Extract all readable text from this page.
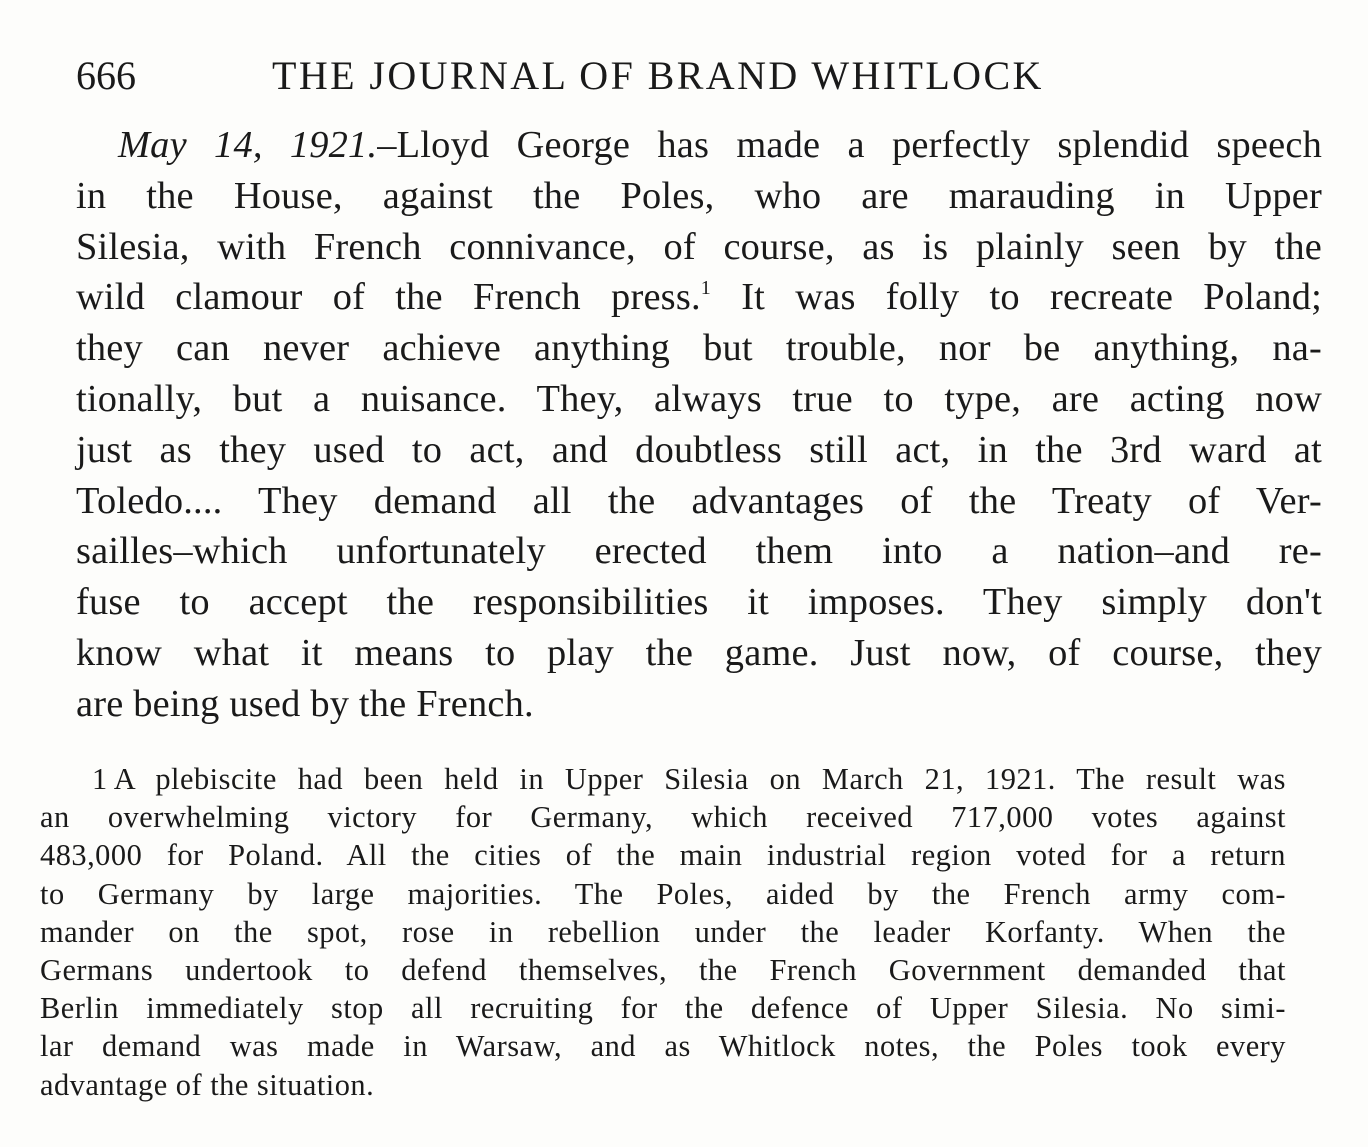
666	THE JOURNAL OF BRAND WHITLOCK
May 14, 1921.–Lloyd George has made a perfectly splendid speech
in the House, against the Poles, who are marauding in Upper
Silesia, with French connivance, of course, as is plainly seen by the
wild clamour of the French press.$^1$ It was folly to recreate Poland;
they can never achieve anything but trouble, nor be anything, na-
tionally, but a nuisance. They, always true to type, are acting now
just as they used to act, and doubtless still act, in the 3rd ward at
Toledo.... They demand all the advantages of the Treaty of Ver-
sailles–which unfortunately erected them into a nation–and re-
fuse to accept the responsibilities it imposes. They simply don't
know what it means to play the game. Just now, of course, they
are being used by the French.
1 A plebiscite had been held in Upper Silesia on March 21, 1921. The result was
an overwhelming victory for Germany, which received 717,000 votes against
483,000 for Poland. All the cities of the main industrial region voted for a return
to Germany by large majorities. The Poles, aided by the French army com-
mander on the spot, rose in rebellion under the leader Korfanty. When the
Germans undertook to defend themselves, the French Government demanded that
Berlin immediately stop all recruiting for the defence of Upper Silesia. No simi-
lar demand was made in Warsaw, and as Whitlock notes, the Poles took every
advantage of the situation.
